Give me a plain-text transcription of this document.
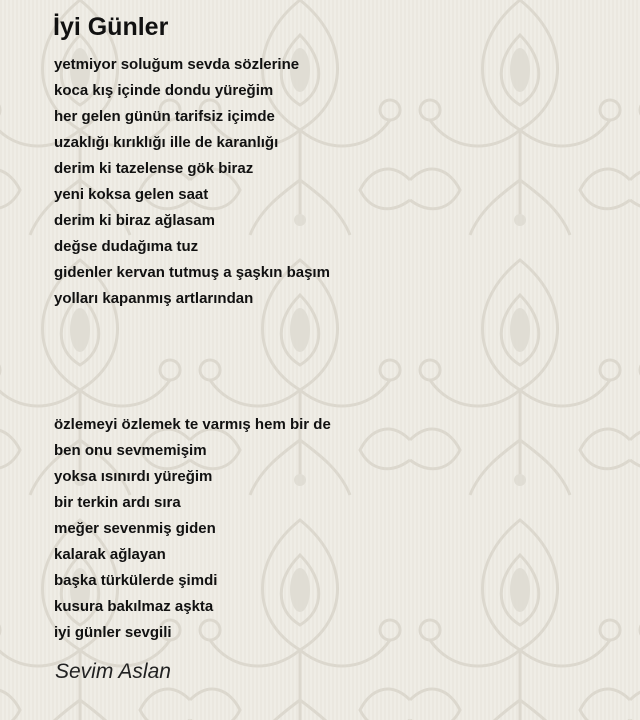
İyi Günler
yetmiyor soluğum sevda sözlerine
koca kış içinde dondu yüreğim
her gelen günün tarifsiz içimde
uzaklığı kırıklığı ille de karanlığı
derim ki tazelense gök biraz
yeni koksa gelen saat
derim ki biraz ağlasam
değse dudağıma tuz
gidenler kervan tutmuş a şaşkın başım
yolları kapanmış artlarından
özlemeyi özlemek te varmış hem bir de
ben onu sevmemişim
yoksa ısınırdı yüreğim
bir terkin ardı sıra
meğer sevenmiş giden
kalarak ağlayan
başka türkülerde şimdi
kusura bakılmaz aşkta
iyi günler sevgili

Sevim Aslan
